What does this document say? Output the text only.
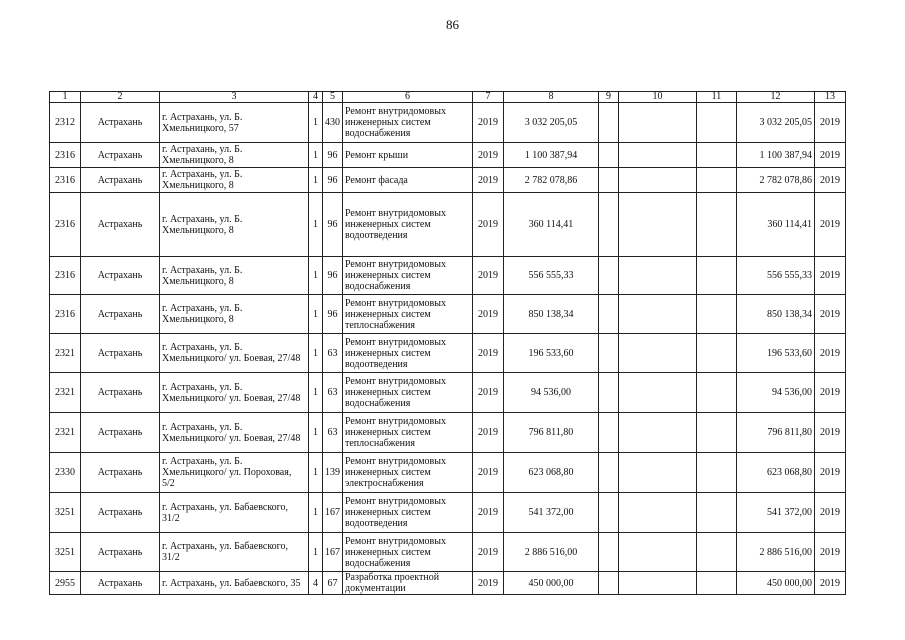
86
1	2	3	4	5	6	7	8	9	10	11	12	13
2312	Астрахань	г. Астрахань, ул. Б. Хмельницкого, 57	1	430	Ремонт внутридомовых инженерных систем водоснабжения	2019	3 032 205,05				3 032 205,05	2019
2316	Астрахань	г. Астрахань, ул. Б. Хмельницкого, 8	1	96	Ремонт крыши	2019	1 100 387,94				1 100 387,94	2019
2316	Астрахань	г. Астрахань, ул. Б. Хмельницкого, 8	1	96	Ремонт фасада	2019	2 782 078,86				2 782 078,86	2019
2316	Астрахань	г. Астрахань, ул. Б. Хмельницкого, 8	1	96	Ремонт внутридомовых инженерных систем водоотведения	2019	360 114,41				360 114,41	2019
2316	Астрахань	г. Астрахань, ул. Б. Хмельницкого, 8	1	96	Ремонт внутридомовых инженерных систем водоснабжения	2019	556 555,33				556 555,33	2019
2316	Астрахань	г. Астрахань, ул. Б. Хмельницкого, 8	1	96	Ремонт внутридомовых инженерных систем теплоснабжения	2019	850 138,34				850 138,34	2019
2321	Астрахань	г. Астрахань, ул. Б. Хмельницкого/ ул. Боевая, 27/48	1	63	Ремонт внутридомовых инженерных систем водоотведения	2019	196 533,60				196 533,60	2019
2321	Астрахань	г. Астрахань, ул. Б. Хмельницкого/ ул. Боевая, 27/48	1	63	Ремонт внутридомовых инженерных систем водоснабжения	2019	94 536,00				94 536,00	2019
2321	Астрахань	г. Астрахань, ул. Б. Хмельницкого/ ул. Боевая, 27/48	1	63	Ремонт внутридомовых инженерных систем теплоснабжения	2019	796 811,80				796 811,80	2019
2330	Астрахань	г. Астрахань, ул. Б. Хмельницкого/ ул. Пороховая, 5/2	1	139	Ремонт внутридомовых инженерных систем электроснабжения	2019	623 068,80				623 068,80	2019
3251	Астрахань	г. Астрахань, ул. Бабаевского, 31/2	1	167	Ремонт внутридомовых инженерных систем водоотведения	2019	541 372,00				541 372,00	2019
3251	Астрахань	г. Астрахань, ул. Бабаевского, 31/2	1	167	Ремонт внутридомовых инженерных систем водоснабжения	2019	2 886 516,00				2 886 516,00	2019
2955	Астрахань	г. Астрахань, ул. Бабаевского, 35	4	67	Разработка проектной документации	2019	450 000,00				450 000,00	2019
